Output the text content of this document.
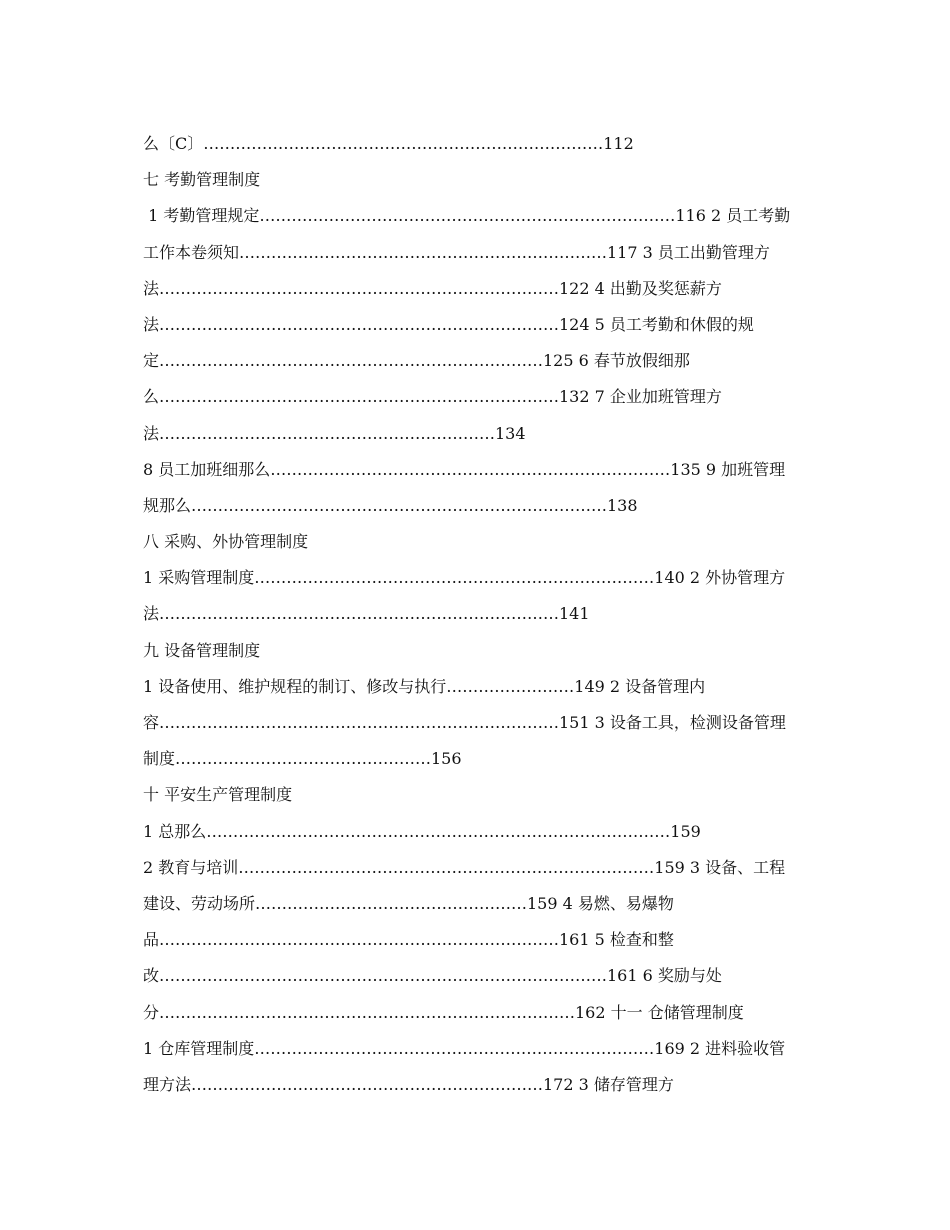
么〔C〕…………………………………………………………………112
七 考勤管理制度
1 考勤管理规定……………………………………………………………………116 2 员工考勤
工作本卷须知……………………………………………………………117 3 员工出勤管理方
法…………………………………………………………………122 4 出勤及奖惩薪方
法…………………………………………………………………124 5 员工考勤和休假的规
定………………………………………………………………125 6 春节放假细那
么…………………………………………………………………132 7 企业加班管理方
法………………………………………………………134
8 员工加班细那么…………………………………………………………………135 9 加班管理
规那么……………………………………………………………………138
八 采购、外协管理制度
1 采购管理制度…………………………………………………………………140 2 外协管理方
法…………………………………………………………………141
九 设备管理制度
1 设备使用、维护规程的制订、修改与执行……………………149 2 设备管理内
容…………………………………………………………………151 3 设备工具，检测设备管理
制度…………………………………………156
十 平安生产管理制度
1 总那么……………………………………………………………………………159
2 教育与培训……………………………………………………………………159 3 设备、工程
建设、劳动场所……………………………………………159 4 易燃、易爆物
品…………………………………………………………………161 5 检查和整
改…………………………………………………………………………161 6 奖励与处
分……………………………………………………………………162 十一 仓储管理制度
1 仓库管理制度…………………………………………………………………169 2 进料验收管
理方法…………………………………………………………172 3 储存管理方
